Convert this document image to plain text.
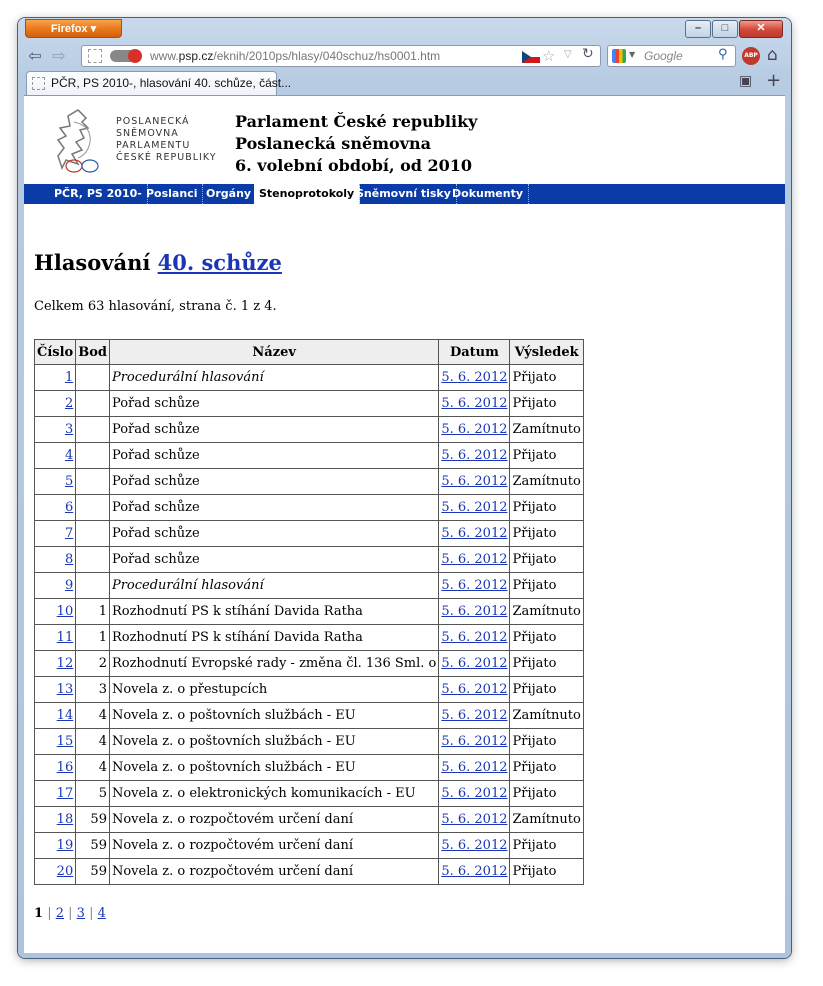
Firefox ▾	–	□	✕
⇦ ⇨	www.psp.cz/eknih/2010ps/hlasy/040schuz/hs0001.htm	☆ ▽ ↻	▼ Google	⚲	ABP ⌂
PČR, PS 2010-, hlasování 40. schůze, část...	▣ +
POSLANECKÁ
SNĚMOVNA
PARLAMENTU
ČESKÉ REPUBLIKY
Parlament České republiky
Poslanecká sněmovna
6. volební období, od 2010
PČR, PS 2010- Poslanci Orgány Stenoprotokoly Sněmovní tisky Dokumenty
Hlasování 40. schůze
Celkem 63 hlasování, strana č. 1 z 4.
Číslo	Bod	Název	Datum	Výsledek
1		Procedurální hlasování	5. 6. 2012	Přijato
2		Pořad schůze	5. 6. 2012	Přijato
3		Pořad schůze	5. 6. 2012	Zamítnuto
4		Pořad schůze	5. 6. 2012	Přijato
5		Pořad schůze	5. 6. 2012	Zamítnuto
6		Pořad schůze	5. 6. 2012	Přijato
7		Pořad schůze	5. 6. 2012	Přijato
8		Pořad schůze	5. 6. 2012	Přijato
9		Procedurální hlasování	5. 6. 2012	Přijato
10	1	Rozhodnutí PS k stíhání Davida Ratha	5. 6. 2012	Zamítnuto
11	1	Rozhodnutí PS k stíhání Davida Ratha	5. 6. 2012	Přijato
12	2	Rozhodnutí Evropské rady - změna čl. 136 Sml. o	5. 6. 2012	Přijato
13	3	Novela z. o přestupcích	5. 6. 2012	Přijato
14	4	Novela z. o poštovních službách - EU	5. 6. 2012	Zamítnuto
15	4	Novela z. o poštovních službách - EU	5. 6. 2012	Přijato
16	4	Novela z. o poštovních službách - EU	5. 6. 2012	Přijato
17	5	Novela z. o elektronických komunikacích - EU	5. 6. 2012	Přijato
18	59	Novela z. o rozpočtovém určení daní	5. 6. 2012	Zamítnuto
19	59	Novela z. o rozpočtovém určení daní	5. 6. 2012	Přijato
20	59	Novela z. o rozpočtovém určení daní	5. 6. 2012	Přijato
1 | 2 | 3 | 4
